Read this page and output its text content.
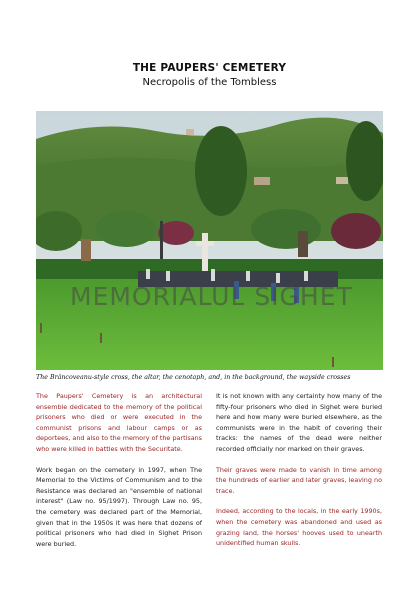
THE PAUPERS' CEMETERY
Necropolis of the Tombless
MEMORIALUL SIGHET
The Brâncoveanu-style cross, the altar, the cenotaph, and, in the background, the wayside crosses

The Paupers' Cemetery is an architectural ensemble dedicated to the memory of the political prisoners who died or were executed in the communist prisons and labour camps or as deportees, and also to the memory of the partisans who were killed in battles with the Securitate.

Work began on the cemetery in 1997, when The Memorial to the Victims of Communism and to the Resistance was declared an "ensemble of national interest" (Law no. 95/1997). Through Law no. 95, the cemetery was declared part of the Memorial, given that in the 1950s it was here that dozens of political prisoners who had died in Sighet Prison were buried.

It is not known with any certainty how many of the fifty-four prisoners who died in Sighet were buried here and how many were buried elsewhere, as the communists were in the habit of covering their tracks: the names of the dead were neither recorded officially nor marked on their graves.

Their graves were made to vanish in time among the hundreds of earlier and later graves, leaving no trace.

Indeed, according to the locals, in the early 1990s, when the cemetery was abandoned and used as grazing land, the horses' hooves used to unearth unidentified human skulls.
